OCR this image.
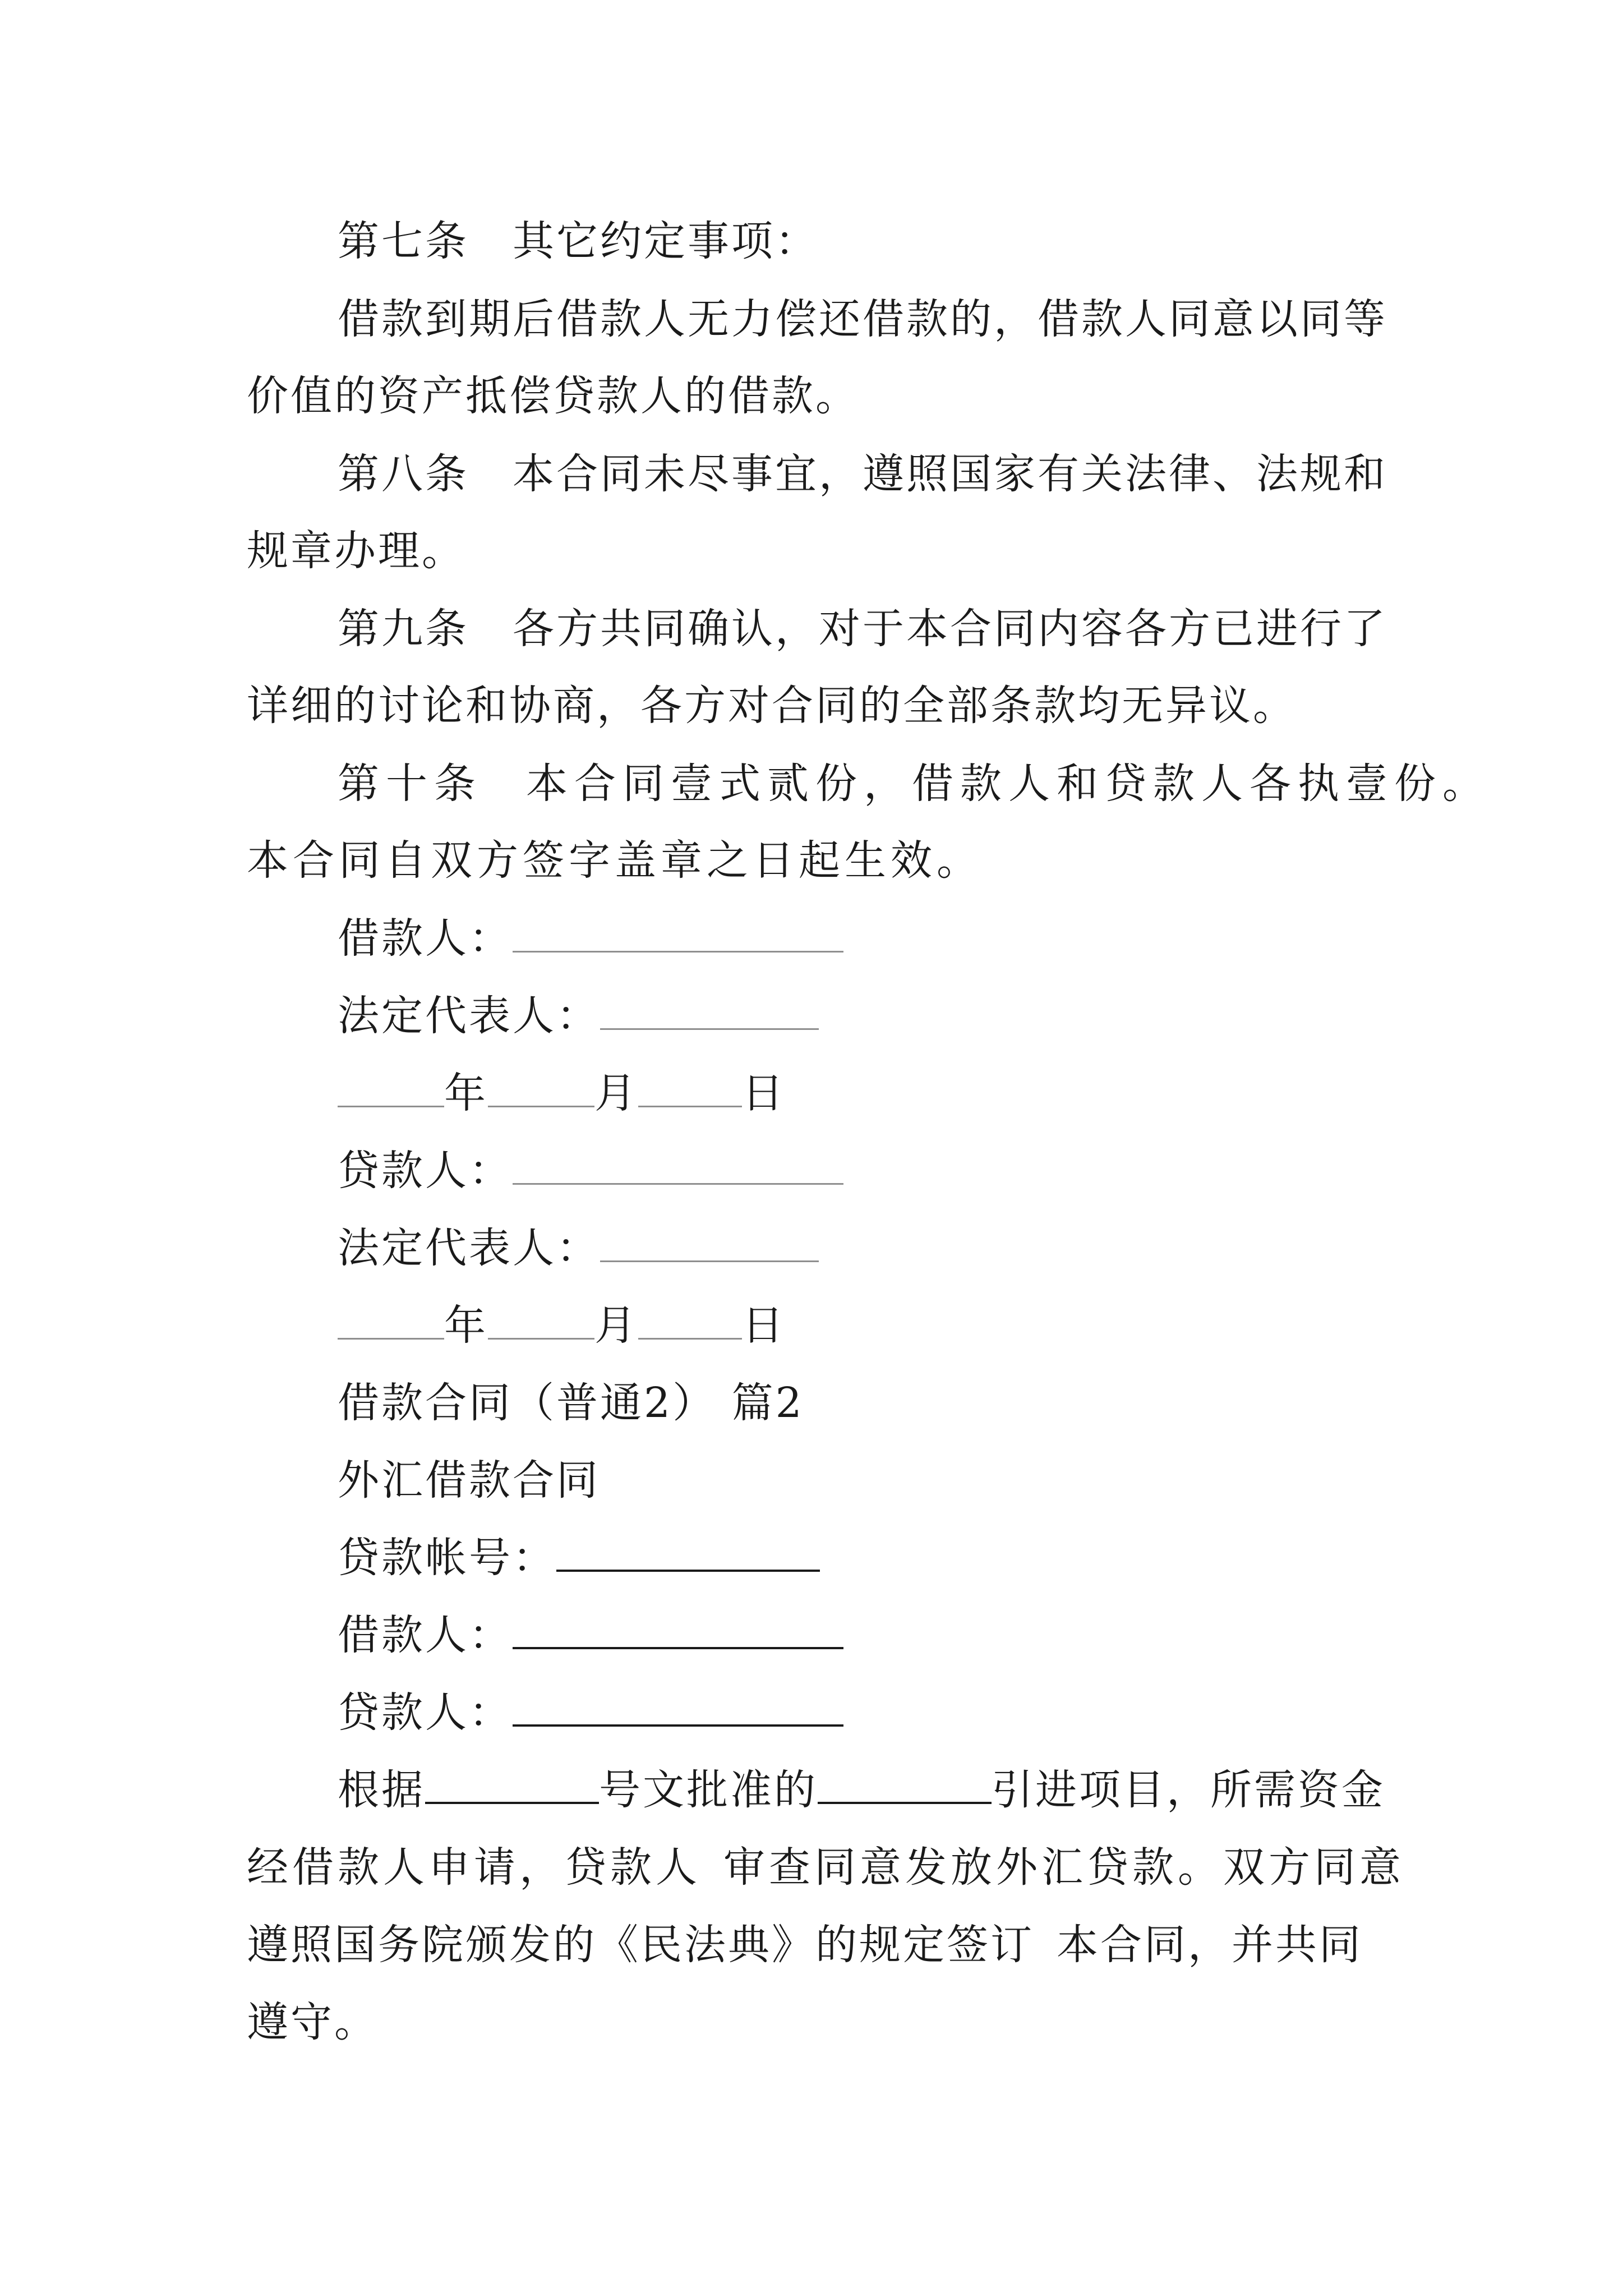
第七条 其它约定事项：
借款到期后借款人无力偿还借款的，借款人同意以同等
价值的资产抵偿贷款人的借款。
第八条 本合同未尽事宜，遵照国家有关法律、法规和
规章办理。
第九条 各方共同确认，对于本合同内容各方已进行了
详细的讨论和协商，各方对合同的全部条款均无异议。
第十条 本合同壹式贰份，借款人和贷款人各执壹份。
本合同自双方签字盖章之日起生效。
借款人：
法定代表人：
年	月	日
贷款人：
法定代表人：
年	月	日
借款合同（普通2） 篇2
外汇借款合同
贷款帐号：
借款人：
贷款人：
根据	号文批准的	引进项目，所需资金
经借款人申请，贷款人 审查同意发放外汇贷款。双方同意
遵照国务院颁发的《民法典》的规定签订 本合同，并共同
遵守。
